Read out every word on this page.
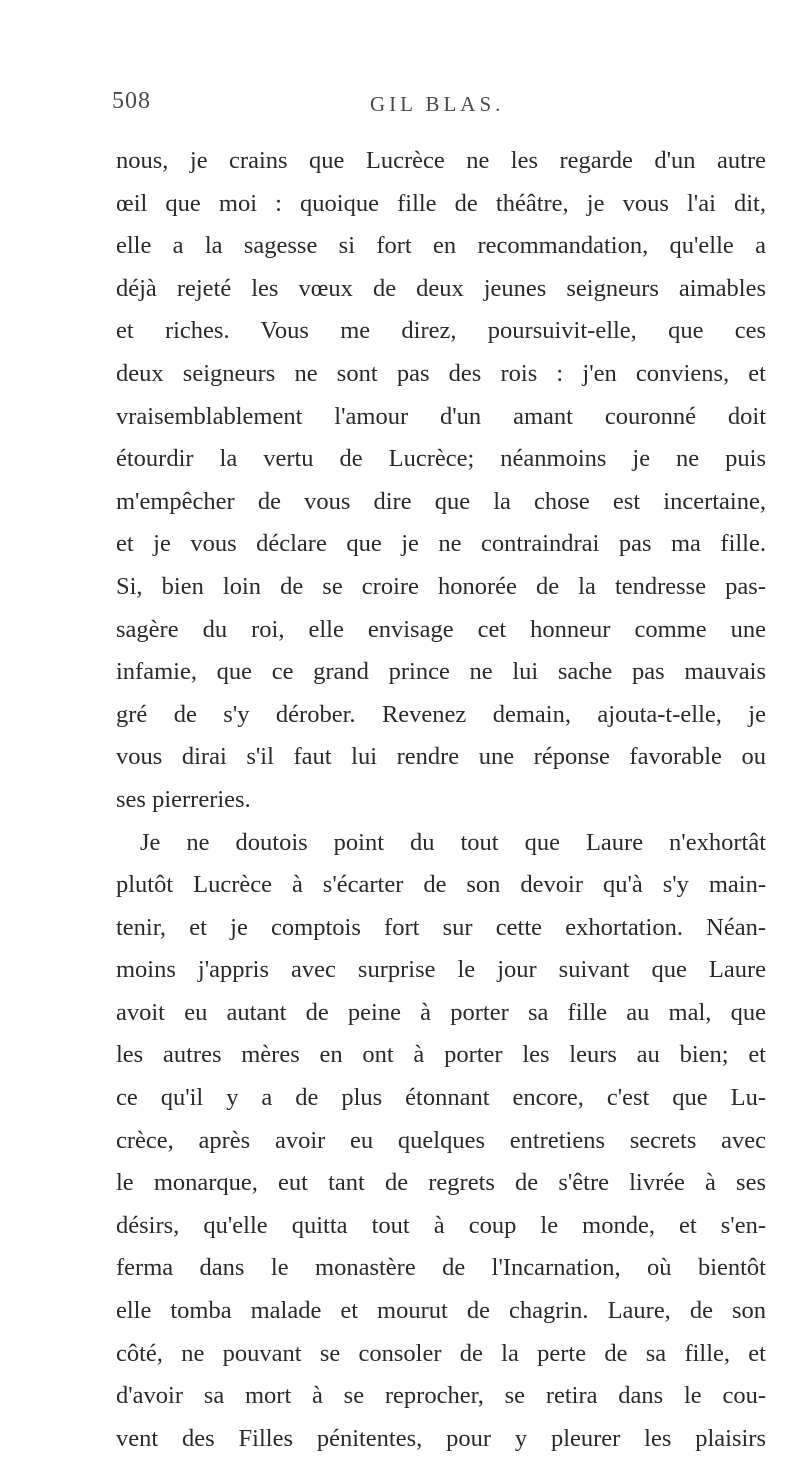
508	GIL BLAS.
nous, je crains que Lucrèce ne les regarde d'un autre
œil que moi : quoique fille de théâtre, je vous l'ai dit,
elle a la sagesse si fort en recommandation, qu'elle a
déjà rejeté les vœux de deux jeunes seigneurs aimables
et riches. Vous me direz, poursuivit-elle, que ces
deux seigneurs ne sont pas des rois : j'en conviens, et
vraisemblablement l'amour d'un amant couronné doit
étourdir la vertu de Lucrèce; néanmoins je ne puis
m'empêcher de vous dire que la chose est incertaine,
et je vous déclare que je ne contraindrai pas ma fille.
Si, bien loin de se croire honorée de la tendresse pas-
sagère du roi, elle envisage cet honneur comme une
infamie, que ce grand prince ne lui sache pas mauvais
gré de s'y dérober. Revenez demain, ajouta-t-elle, je
vous dirai s'il faut lui rendre une réponse favorable ou
ses pierreries.
Je ne doutois point du tout que Laure n'exhortât
plutôt Lucrèce à s'écarter de son devoir qu'à s'y main-
tenir, et je comptois fort sur cette exhortation. Néan-
moins j'appris avec surprise le jour suivant que Laure
avoit eu autant de peine à porter sa fille au mal, que
les autres mères en ont à porter les leurs au bien; et
ce qu'il y a de plus étonnant encore, c'est que Lu-
crèce, après avoir eu quelques entretiens secrets avec
le monarque, eut tant de regrets de s'être livrée à ses
désirs, qu'elle quitta tout à coup le monde, et s'en-
ferma dans le monastère de l'Incarnation, où bientôt
elle tomba malade et mourut de chagrin. Laure, de son
côté, ne pouvant se consoler de la perte de sa fille, et
d'avoir sa mort à se reprocher, se retira dans le cou-
vent des Filles pénitentes, pour y pleurer les plaisirs
